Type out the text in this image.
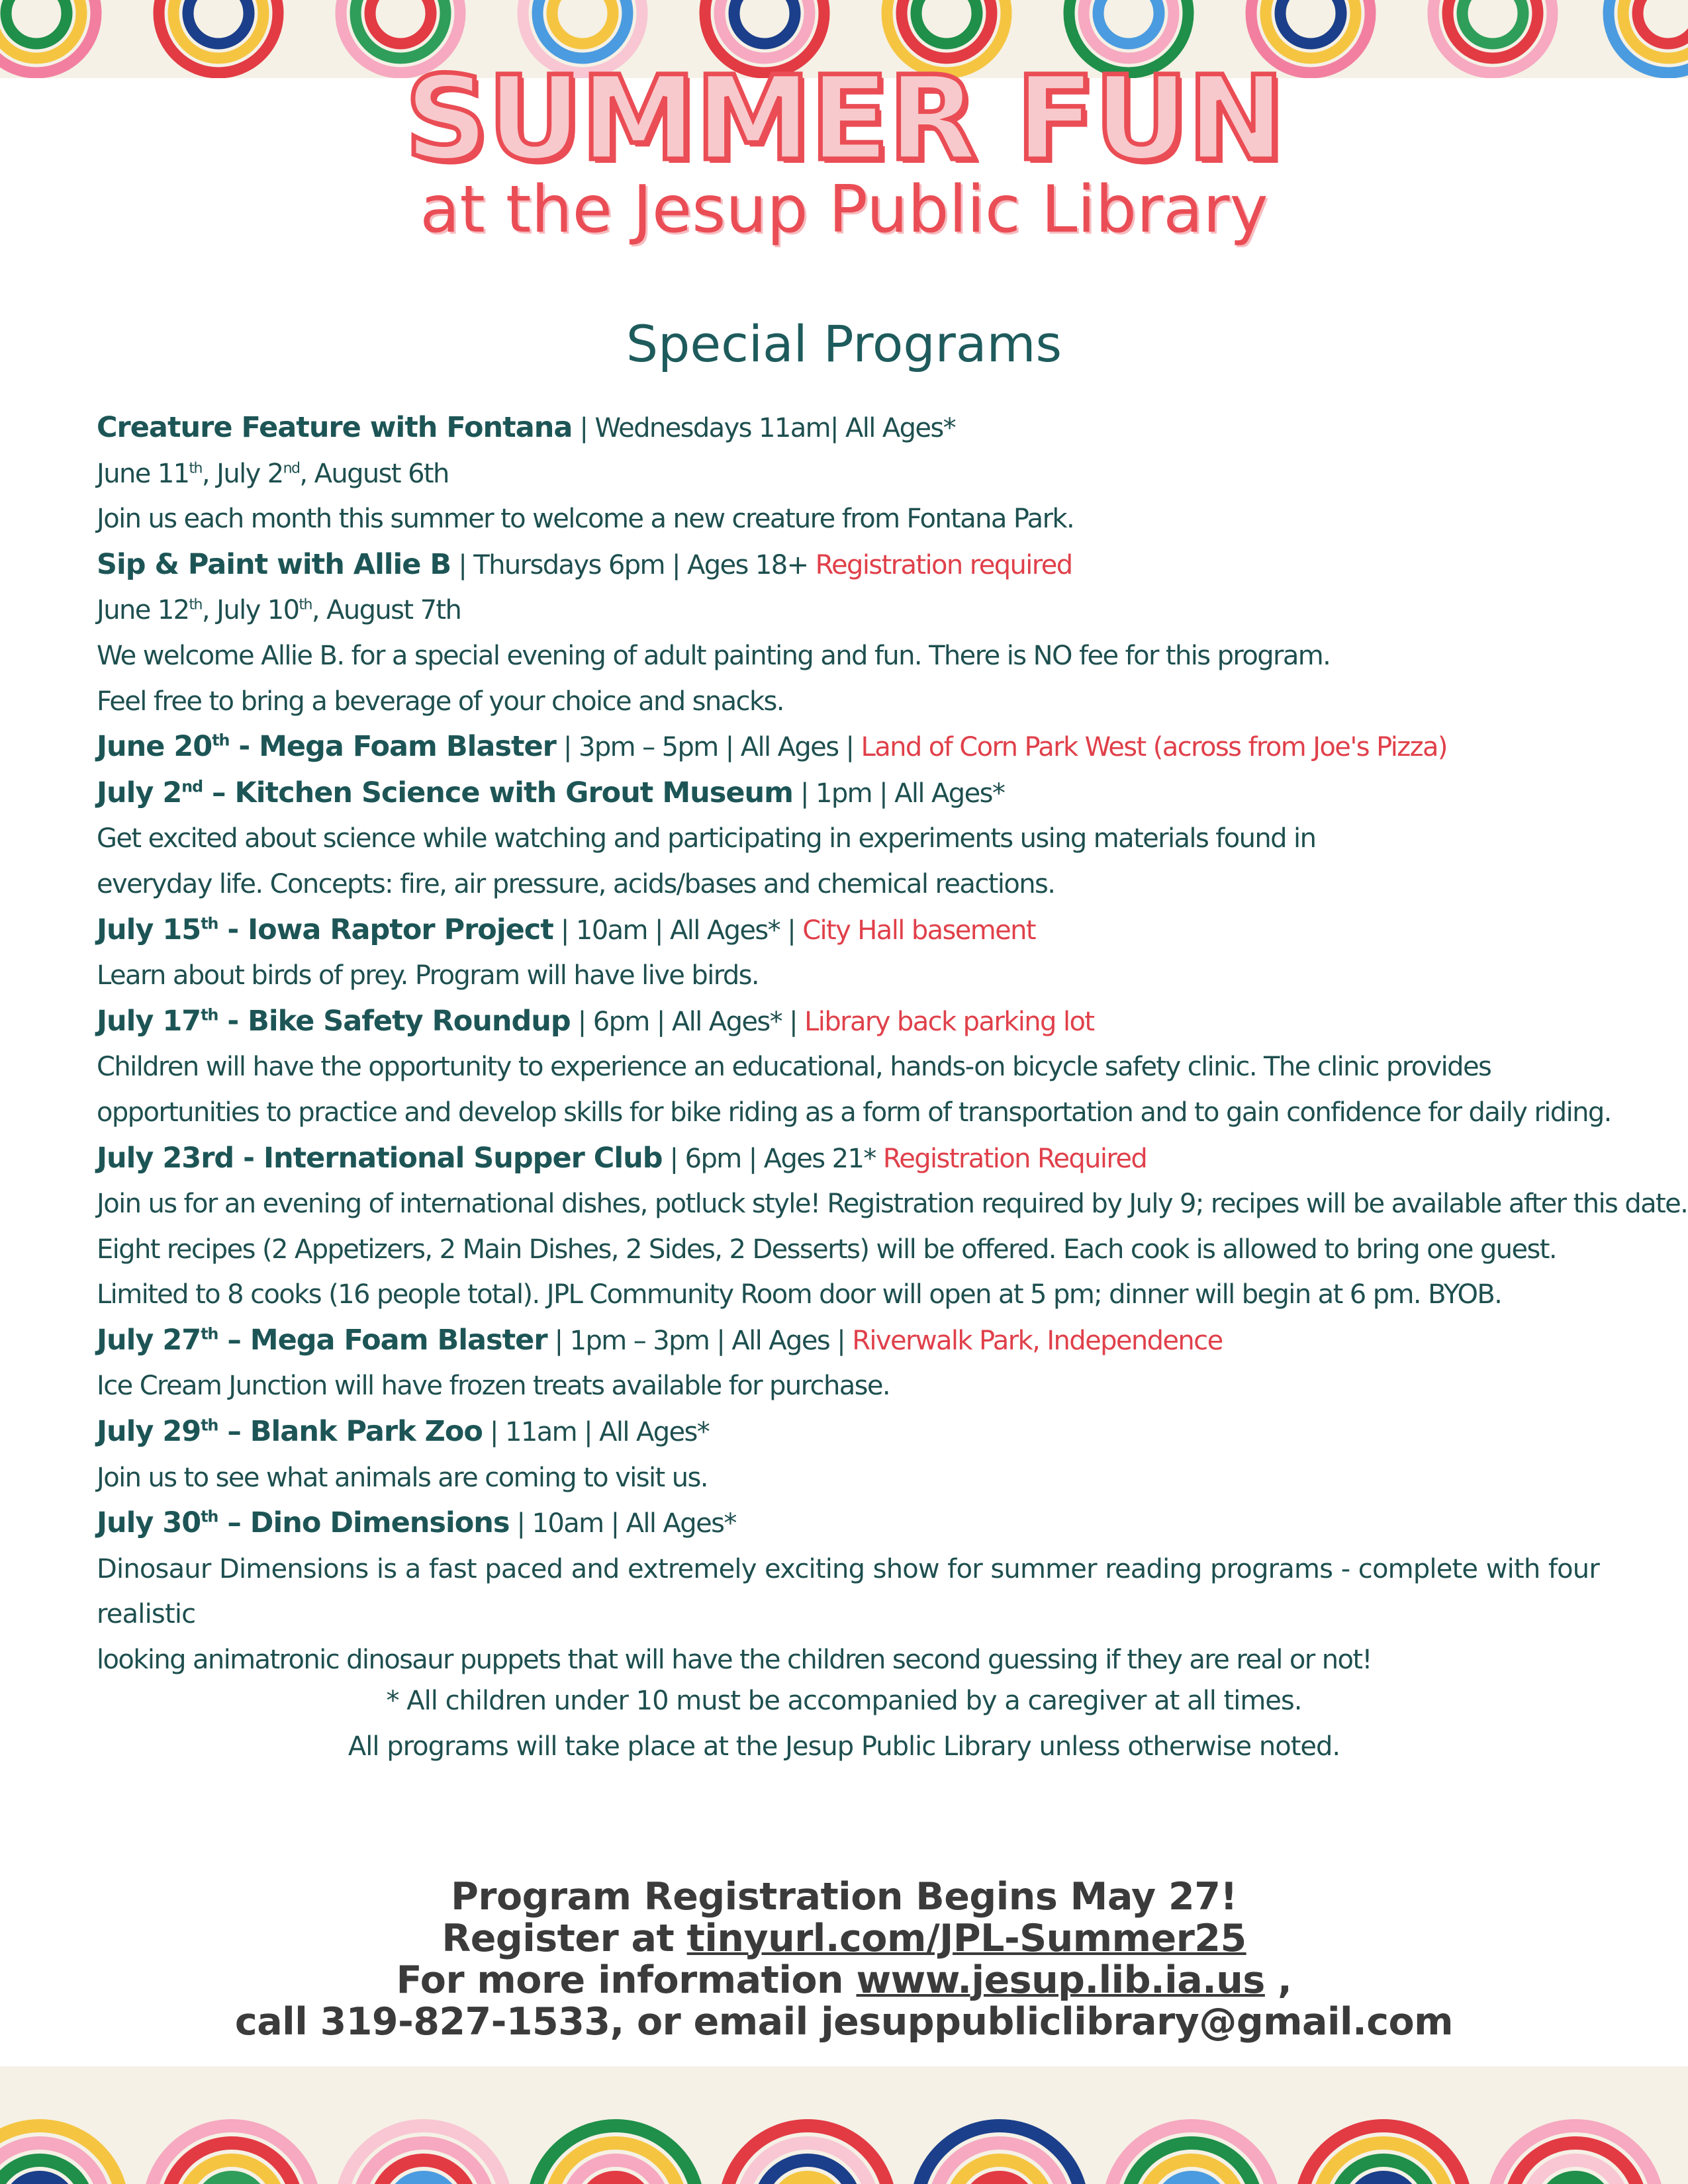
SUMMER FUN
at the Jesup Public Library
Special Programs
Creature Feature with Fontana | Wednesdays 11am| All Ages*
June 11th, July 2nd, August 6th
Join us each month this summer to welcome a new creature from Fontana Park.
Sip & Paint with Allie B | Thursdays 6pm | Ages 18+ Registration required
June 12th, July 10th, August 7th
We welcome Allie B. for a special evening of adult painting and fun. There is NO fee for this program.
Feel free to bring a beverage of your choice and snacks.
June 20th - Mega Foam Blaster | 3pm – 5pm | All Ages | Land of Corn Park West (across from Joe's Pizza)
July 2nd – Kitchen Science with Grout Museum | 1pm | All Ages*
Get excited about science while watching and participating in experiments using materials found in
everyday life. Concepts: fire, air pressure, acids/bases and chemical reactions.
July 15th - Iowa Raptor Project | 10am | All Ages* | City Hall basement
Learn about birds of prey. Program will have live birds.
July 17th - Bike Safety Roundup | 6pm | All Ages* | Library back parking lot
Children will have the opportunity to experience an educational, hands-on bicycle safety clinic. The clinic provides
opportunities to practice and develop skills for bike riding as a form of transportation and to gain confidence for daily riding.
July 23rd - International Supper Club | 6pm | Ages 21* Registration Required
Join us for an evening of international dishes, potluck style! Registration required by July 9; recipes will be available after this date.
Eight recipes (2 Appetizers, 2 Main Dishes, 2 Sides, 2 Desserts) will be offered. Each cook is allowed to bring one guest.
Limited to 8 cooks (16 people total). JPL Community Room door will open at 5 pm; dinner will begin at 6 pm. BYOB.
July 27th – Mega Foam Blaster | 1pm – 3pm | All Ages | Riverwalk Park, Independence
Ice Cream Junction will have frozen treats available for purchase.
July 29th – Blank Park Zoo | 11am | All Ages*
Join us to see what animals are coming to visit us.
July 30th – Dino Dimensions | 10am | All Ages*
Dinosaur Dimensions is a fast paced and extremely exciting show for summer reading programs - complete with four realistic
looking animatronic dinosaur puppets that will have the children second guessing if they are real or not!
* All children under 10 must be accompanied by a caregiver at all times.
All programs will take place at the Jesup Public Library unless otherwise noted.
Program Registration Begins May 27!
Register at tinyurl.com/JPL-Summer25
For more information www.jesup.lib.ia.us ,
call 319-827-1533, or email jesuppubliclibrary@gmail.com
